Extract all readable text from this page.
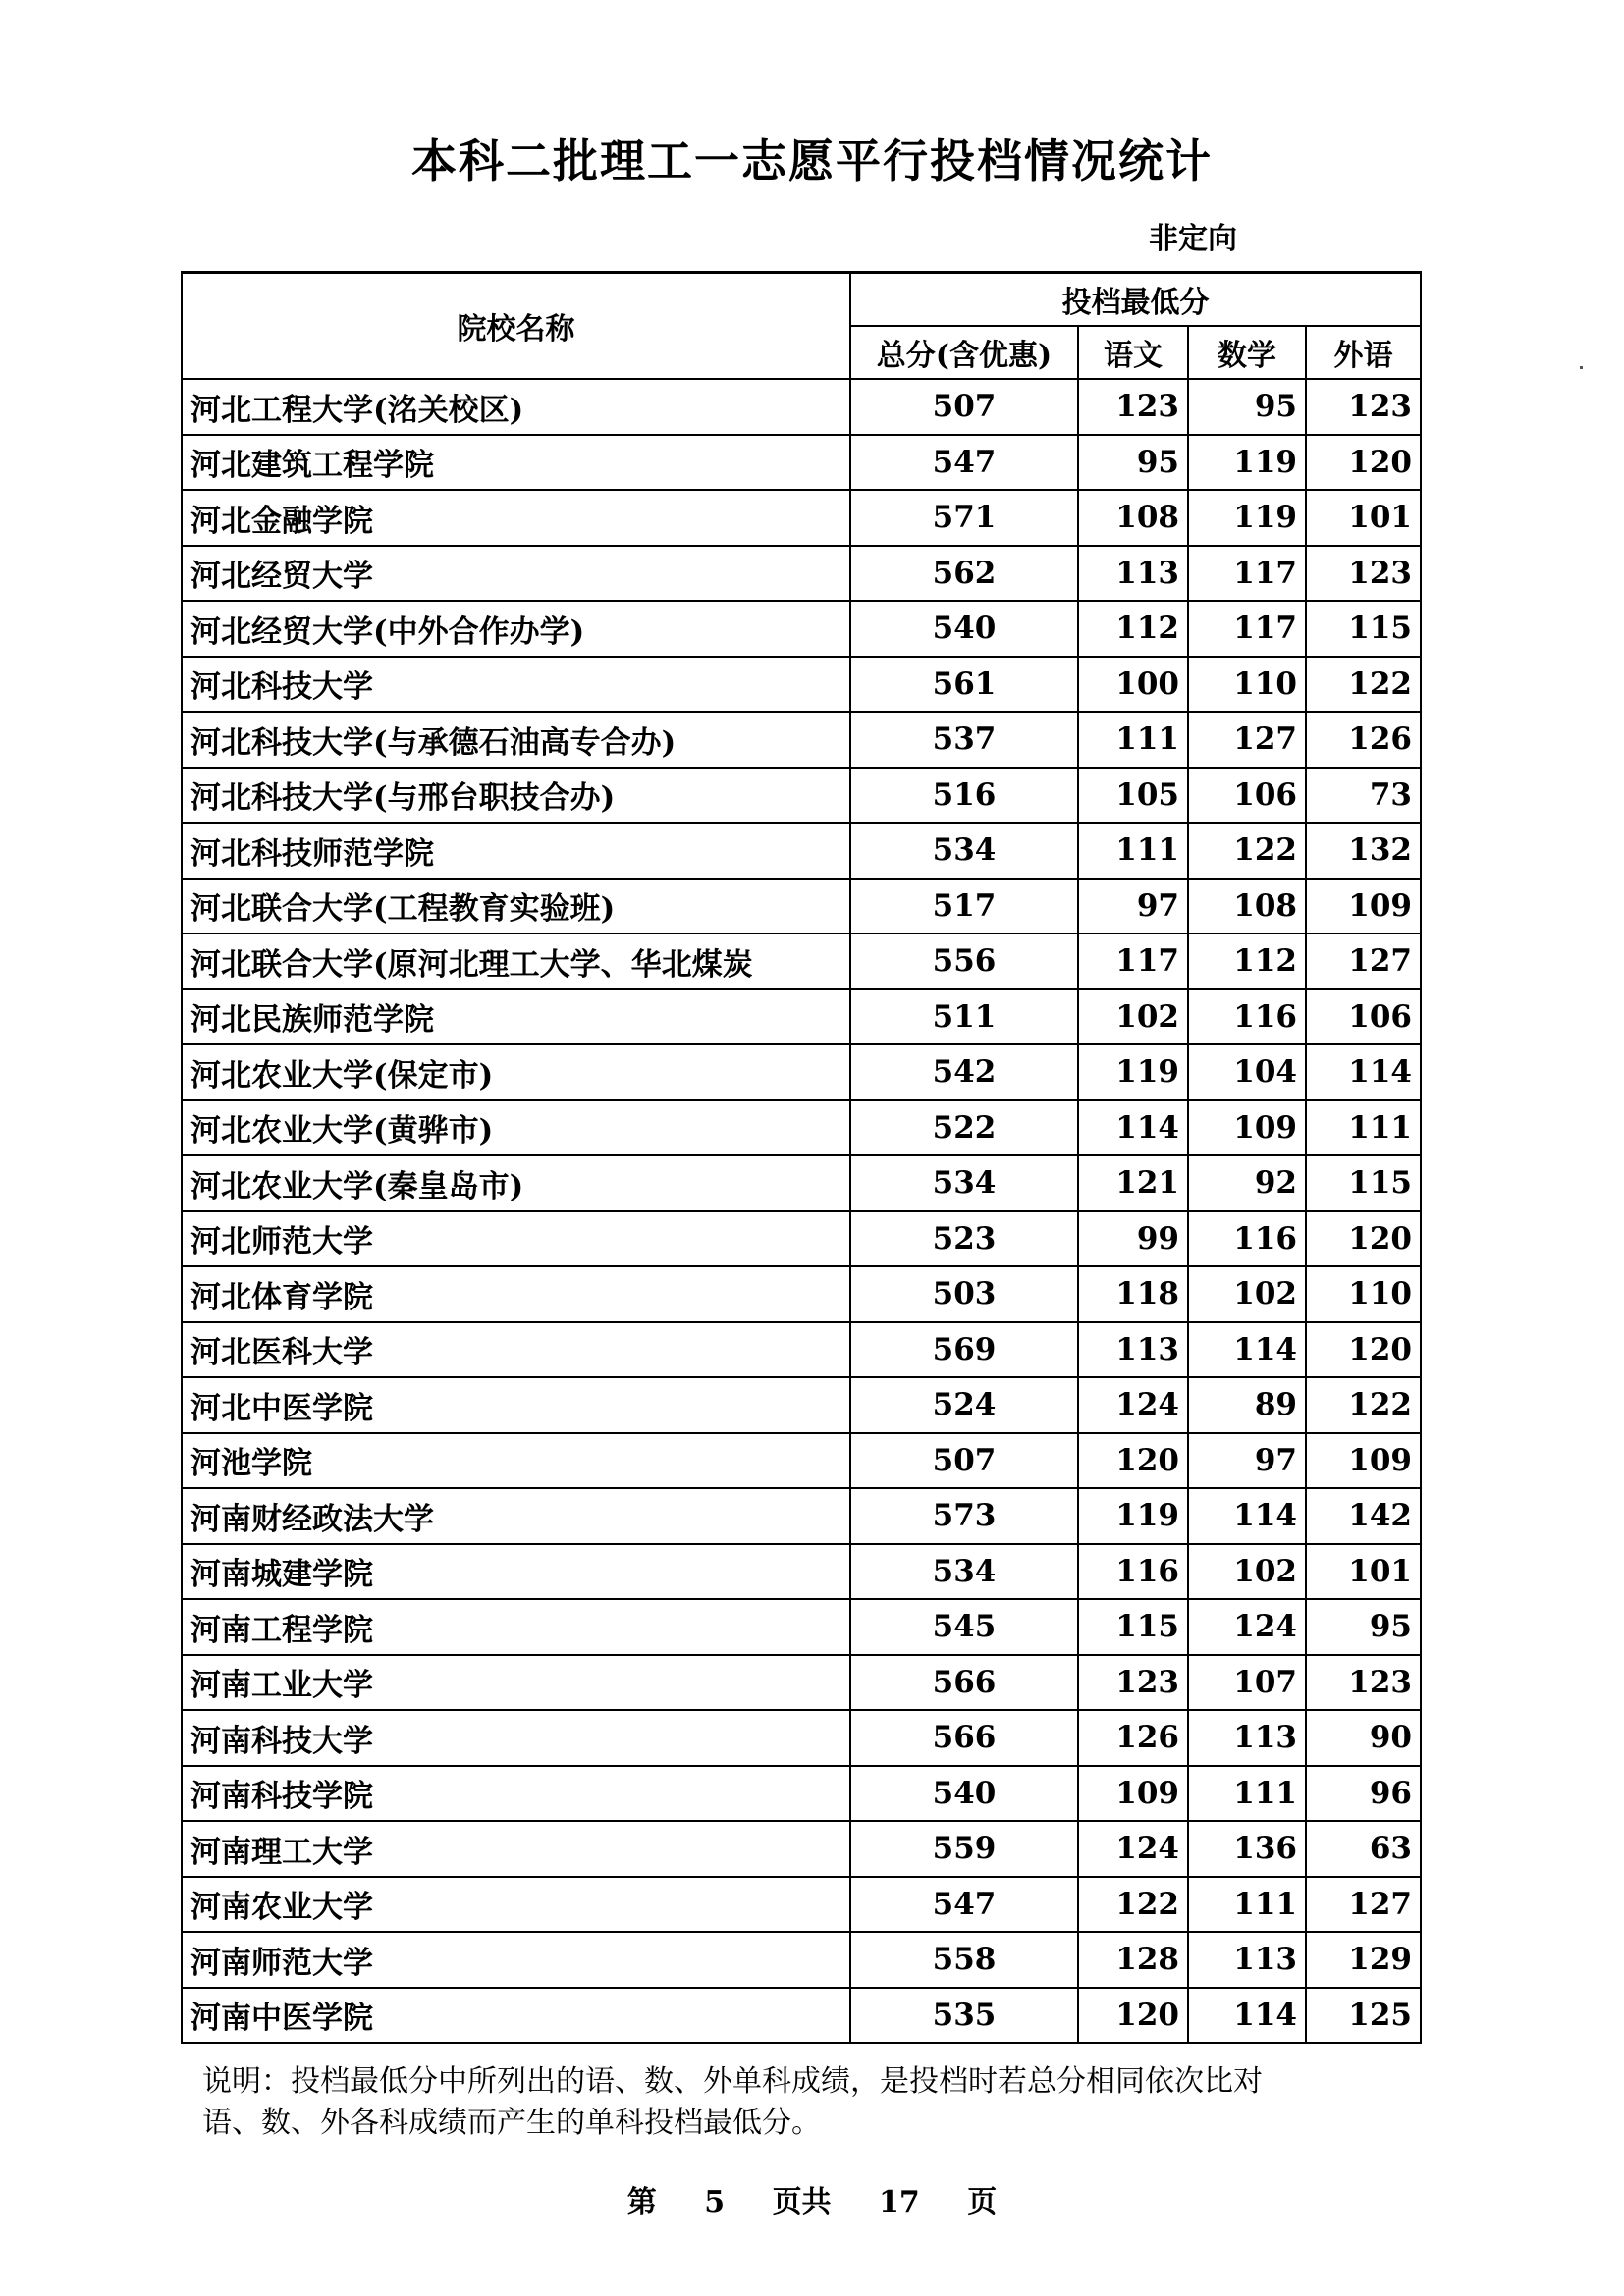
本科二批理工一志愿平行投档情况统计
非定向
院校名称	投档最低分			
	总分(含优惠)	语文	数学	外语
河北工程大学(洺关校区)	507	123	95	123
河北建筑工程学院	547	95	119	120
河北金融学院	571	108	119	101
河北经贸大学	562	113	117	123
河北经贸大学(中外合作办学)	540	112	117	115
河北科技大学	561	100	110	122
河北科技大学(与承德石油高专合办)	537	111	127	126
河北科技大学(与邢台职技合办)	516	105	106	73
河北科技师范学院	534	111	122	132
河北联合大学(工程教育实验班)	517	97	108	109
河北联合大学(原河北理工大学、华北煤炭	556	117	112	127
河北民族师范学院	511	102	116	106
河北农业大学(保定市)	542	119	104	114
河北农业大学(黄骅市)	522	114	109	111
河北农业大学(秦皇岛市)	534	121	92	115
河北师范大学	523	99	116	120
河北体育学院	503	118	102	110
河北医科大学	569	113	114	120
河北中医学院	524	124	89	122
河池学院	507	120	97	109
河南财经政法大学	573	119	114	142
河南城建学院	534	116	102	101
河南工程学院	545	115	124	95
河南工业大学	566	123	107	123
河南科技大学	566	126	113	90
河南科技学院	540	109	111	96
河南理工大学	559	124	136	63
河南农业大学	547	122	111	127
河南师范大学	558	128	113	129
河南中医学院	535	120	114	125
说明：投档最低分中所列出的语、数、外单科成绩，是投档时若总分相同依次比对
语、数、外各科成绩而产生的单科投档最低分。
第 5 页共 17 页
